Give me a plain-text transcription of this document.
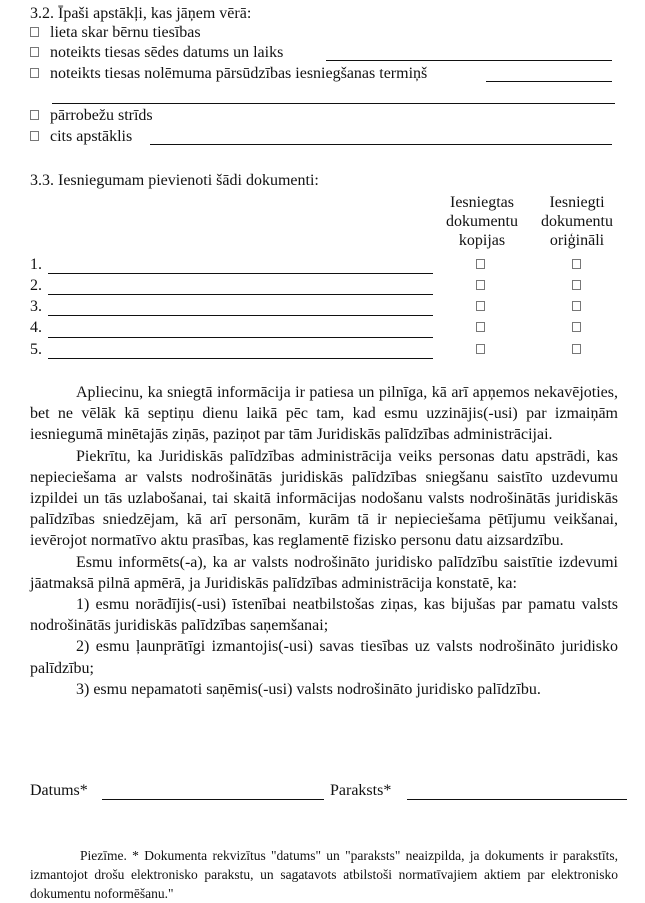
3.2. Īpaši apstākļi, kas jāņem vērā:
lieta skar bērnu tiesības
noteikts tiesas sēdes datums un laiks
noteikts tiesas nolēmuma pārsūdzības iesniegšanas termiņš
pārrobežu strīds
cits apstāklis
3.3. Iesniegumam pievienoti šādi dokumenti:
Iesniegtas
dokumentu
kopijas
Iesniegti
dokumentu
oriģināli
1.
2.
3.
4.
5.

Apliecinu, ka sniegtā informācija ir patiesa un pilnīga, kā arī apņemos nekavējoties, bet ne vēlāk kā septiņu dienu laikā pēc tam, kad esmu uzzinājis(-usi) par izmaiņām iesniegumā minētajās ziņās, paziņot par tām Juridiskās palīdzības administrācijai.

Piekrītu, ka Juridiskās palīdzības administrācija veiks personas datu apstrādi, kas nepieciešama ar valsts nodrošinātās juridiskās palīdzības sniegšanu saistīto uzdevumu izpildei un tās uzlabošanai, tai skaitā informācijas nodošanu valsts nodrošinātās juridiskās palīdzības sniedzējam, kā arī personām, kurām tā ir nepieciešama pētījumu veikšanai, ievērojot normatīvo aktu prasības, kas reglamentē fizisko personu datu aizsardzību.

Esmu informēts(-a), ka ar valsts nodrošināto juridisko palīdzību saistītie izdevumi jāatmaksā pilnā apmērā, ja Juridiskās palīdzības administrācija konstatē, ka:

1) esmu norādījis(-usi) īstenībai neatbilstošas ziņas, kas bijušas par pamatu valsts nodrošinātās juridiskās palīdzības saņemšanai;

2) esmu ļaunprātīgi izmantojis(-usi) savas tiesības uz valsts nodrošināto juridisko palīdzību;

3) esmu nepamatoti saņēmis(-usi) valsts nodrošināto juridisko palīdzību.

Datums*	Paraksts*

Piezīme. * Dokumenta rekvizītus "datums" un "paraksts" neaizpilda, ja dokuments ir parakstīts, izmantojot drošu elektronisko parakstu, un sagatavots atbilstoši normatīvajiem aktiem par elektronisko dokumentu noformēšanu."
